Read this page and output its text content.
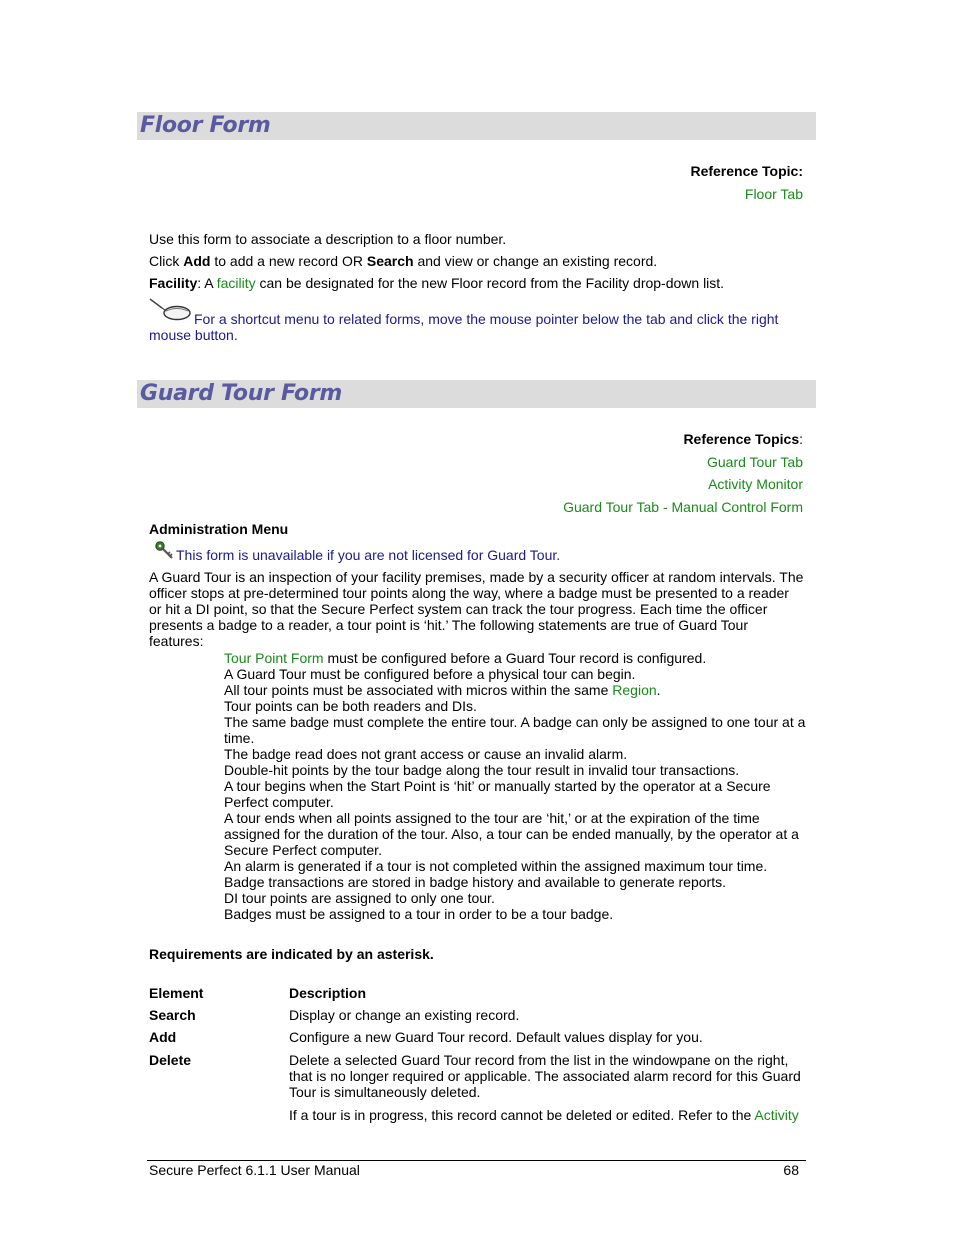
Floor Form
Reference Topic:
Floor Tab
Use this form to associate a description to a floor number.
Click Add to add a new record OR Search and view or change an existing record.
Facility: A facility can be designated for the new Floor record from the Facility drop-down list.
For a shortcut menu to related forms, move the mouse pointer below the tab and click the right mouse button.
Guard Tour Form
Reference Topics:
Guard Tour Tab
Activity Monitor
Guard Tour Tab - Manual Control Form
Administration Menu
This form is unavailable if you are not licensed for Guard Tour.
A Guard Tour is an inspection of your facility premises, made by a security officer at random intervals. The officer stops at pre-determined tour points along the way, where a badge must be presented to a reader or hit a DI point, so that the Secure Perfect system can track the tour progress. Each time the officer presents a badge to a reader, a tour point is ‘hit.’ The following statements are true of Guard Tour features:
Tour Point Form must be configured before a Guard Tour record is configured.
A Guard Tour must be configured before a physical tour can begin.
All tour points must be associated with micros within the same Region.
Tour points can be both readers and DIs.
The same badge must complete the entire tour. A badge can only be assigned to one tour at a time.
The badge read does not grant access or cause an invalid alarm.
Double-hit points by the tour badge along the tour result in invalid tour transactions.
A tour begins when the Start Point is ‘hit’ or manually started by the operator at a Secure Perfect computer.
A tour ends when all points assigned to the tour are ‘hit,’ or at the expiration of the time assigned for the duration of the tour. Also, a tour can be ended manually, by the operator at a Secure Perfect computer.
An alarm is generated if a tour is not completed within the assigned maximum tour time.
Badge transactions are stored in badge history and available to generate reports.
DI tour points are assigned to only one tour.
Badges must be assigned to a tour in order to be a tour badge.
Requirements are indicated by an asterisk.
Element	Description
Search	Display or change an existing record.
Add	Configure a new Guard Tour record. Default values display for you.
Delete	Delete a selected Guard Tour record from the list in the windowpane on the right, that is no longer required or applicable. The associated alarm record for this Guard Tour is simultaneously deleted.
If a tour is in progress, this record cannot be deleted or edited. Refer to the Activity
Secure Perfect 6.1.1 User Manual	68
